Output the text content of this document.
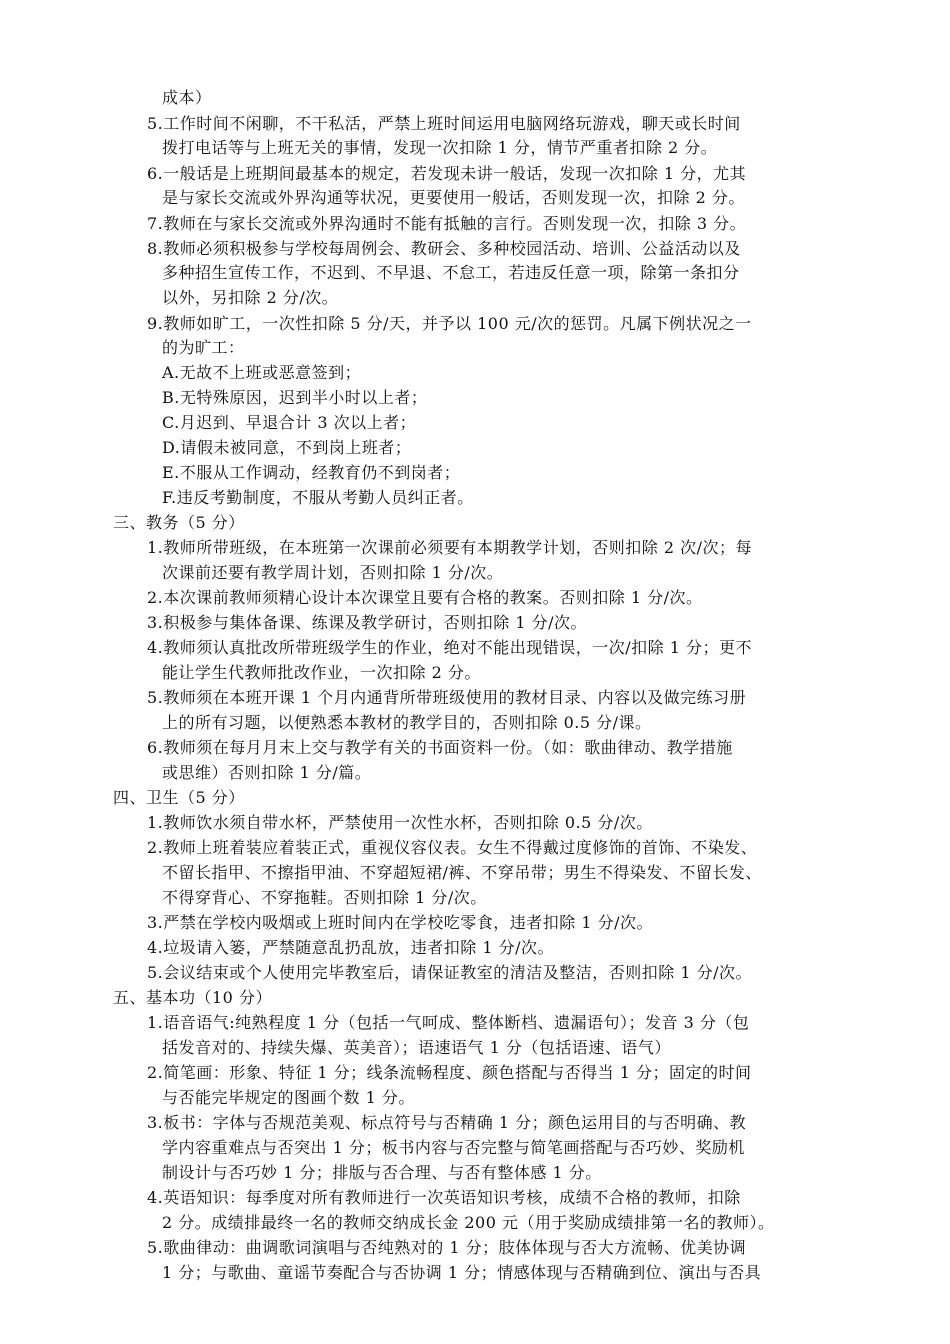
成本）
5.工作时间不闲聊，不干私活，严禁上班时间运用电脑网络玩游戏，聊天或长时间
拨打电话等与上班无关的事情，发现一次扣除 1 分，情节严重者扣除 2 分。
6.一般话是上班期间最基本的规定，若发现未讲一般话，发现一次扣除 1 分，尤其
是与家长交流或外界沟通等状况，更要使用一般话，否则发现一次，扣除 2 分。
7.教师在与家长交流或外界沟通时不能有抵触的言行。否则发现一次，扣除 3 分。
8.教师必须积极参与学校每周例会、教研会、多种校园活动、培训、公益活动以及
多种招生宣传工作，不迟到、不早退、不怠工，若违反任意一项，除第一条扣分
以外，另扣除 2 分/次。
9.教师如旷工，一次性扣除 5 分/天，并予以 100 元/次的惩罚。凡属下例状况之一
的为旷工：
A.无故不上班或恶意签到；
B.无特殊原因，迟到半小时以上者；
C.月迟到、早退合计 3 次以上者；
D.请假未被同意，不到岗上班者；
E.不服从工作调动，经教育仍不到岗者；
F.违反考勤制度，不服从考勤人员纠正者。
三、教务（5 分）
1.教师所带班级，在本班第一次课前必须要有本期教学计划，否则扣除 2 次/次；每
次课前还要有教学周计划，否则扣除 1 分/次。
2.本次课前教师须精心设计本次课堂且要有合格的教案。否则扣除 1 分/次。
3.积极参与集体备课、练课及教学研讨，否则扣除 1 分/次。
4.教师须认真批改所带班级学生的作业，绝对不能出现错误，一次/扣除 1 分；更不
能让学生代教师批改作业，一次扣除 2 分。
5.教师须在本班开课 1 个月内通背所带班级使用的教材目录、内容以及做完练习册
上的所有习题，以便熟悉本教材的教学目的，否则扣除 0.5 分/课。
6.教师须在每月月末上交与教学有关的书面资料一份。（如：歌曲律动、教学措施
或思维）否则扣除 1 分/篇。
四、卫生（5 分）
1.教师饮水须自带水杯，严禁使用一次性水杯，否则扣除 0.5 分/次。
2.教师上班着装应着装正式，重视仪容仪表。女生不得戴过度修饰的首饰、不染发、
不留长指甲、不擦指甲油、不穿超短裙/裤、不穿吊带；男生不得染发、不留长发、
不得穿背心、不穿拖鞋。否则扣除 1 分/次。
3.严禁在学校内吸烟或上班时间内在学校吃零食，违者扣除 1 分/次。
4.垃圾请入篓，严禁随意乱扔乱放，违者扣除 1 分/次。
5.会议结束或个人使用完毕教室后，请保证教室的清洁及整洁，否则扣除 1 分/次。
五、基本功（10 分）
1.语音语气:纯熟程度 1 分（包括一气呵成、整体断档、遗漏语句）；发音 3 分（包
括发音对的、持续失爆、英美音）；语速语气 1 分（包括语速、语气）
2.简笔画：形象、特征 1 分；线条流畅程度、颜色搭配与否得当 1 分；固定的时间
与否能完毕规定的图画个数 1 分。
3.板书：字体与否规范美观、标点符号与否精确 1 分；颜色运用目的与否明确、教
学内容重难点与否突出 1 分；板书内容与否完整与简笔画搭配与否巧妙、奖励机
制设计与否巧妙 1 分；排版与否合理、与否有整体感 1 分。
4.英语知识：每季度对所有教师进行一次英语知识考核，成绩不合格的教师，扣除
2 分。成绩排最终一名的教师交纳成长金 200 元（用于奖励成绩排第一名的教师）。
5.歌曲律动：曲调歌词演唱与否纯熟对的 1 分；肢体体现与否大方流畅、优美协调
1 分；与歌曲、童谣节奏配合与否协调 1 分；情感体现与否精确到位、演出与否具
